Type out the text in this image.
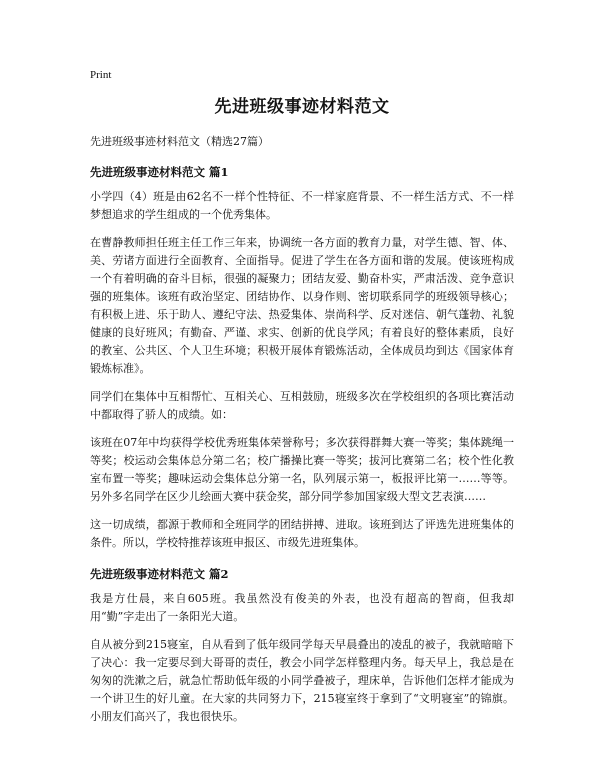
Print
先进班级事迹材料范文
先进班级事迹材料范文（精选27篇）
先进班级事迹材料范文 篇1

小学四（4）班是由62名不一样个性特征、不一样家庭背景、不一样生活方式、不一样梦想追求的学生组成的一个优秀集体。

在曹静教师担任班主任工作三年来，协调统一各方面的教育力量，对学生德、智、体、美、劳诸方面进行全面教育、全面指导。促进了学生在各方面和谐的发展。使该班构成一个有着明确的奋斗目标，很强的凝聚力；团结友爱、勤奋朴实，严肃活泼、竞争意识强的班集体。该班有政治坚定、团结协作、以身作则、密切联系同学的班级领导核心；有积极上进、乐于助人、遵纪守法、热爱集体、崇尚科学、反对迷信、朝气蓬勃、礼貌健康的良好班风；有勤奋、严谨、求实、创新的优良学风；有着良好的整体素质，良好的教室、公共区、个人卫生环境；积极开展体育锻炼活动，全体成员均到达《国家体育锻炼标准》。

同学们在集体中互相帮忙、互相关心、互相鼓励，班级多次在学校组织的各项比赛活动中都取得了骄人的成绩。如：

该班在07年中均获得学校优秀班集体荣誉称号；多次获得群舞大赛一等奖；集体跳绳一等奖；校运动会集体总分第二名；校广播操比赛一等奖；拔河比赛第二名；校个性化教室布置一等奖；趣味运动会集体总分第一名，队列展示第一，板报评比第一……等等。另外多名同学在区少儿绘画大赛中获金奖，部分同学参加国家级大型文艺表演……

这一切成绩，都源于教师和全班同学的团结拼搏、进取。该班到达了评选先进班集体的条件。所以，学校特推荐该班申报区、市级先进班集体。

先进班级事迹材料范文 篇2

我是方仕晨，来自605班。我虽然没有俊美的外表，也没有超高的智商，但我却用“勤”字走出了一条阳光大道。

自从被分到215寝室，自从看到了低年级同学每天早晨叠出的凌乱的被子，我就暗暗下了决心：我一定要尽到大哥哥的责任，教会小同学怎样整理内务。每天早上，我总是在匆匆的洗漱之后，就急忙帮助低年级的小同学叠被子，理床单，告诉他们怎样才能成为一个讲卫生的好儿童。在大家的共同努力下，215寝室终于拿到了“文明寝室”的锦旗。小朋友们高兴了，我也很快乐。
